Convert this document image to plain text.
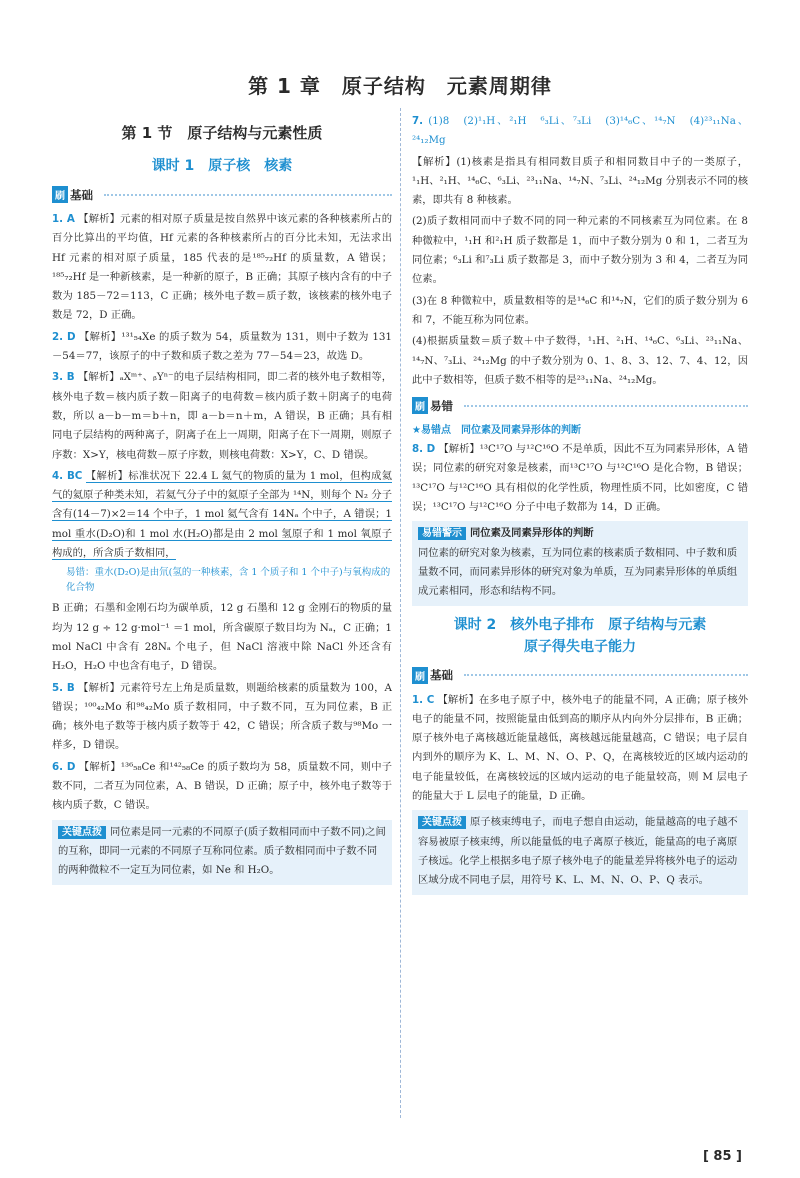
第 1 章　原子结构　元素周期律
第 1 节　原子结构与元素性质
课时 1　原子核　核素
刷 基础
1. A 【解析】元素的相对原子质量是按自然界中该元素的各种核素所占的百分比算出的平均值，Hf 元素的各种核素所占的百分比未知，无法求出 Hf 元素的相对原子质量，185 代表的是¹⁸⁵₇₂Hf 的质量数，A 错误；¹⁸⁵₇₂Hf 是一种新核素，是一种新的原子，B 正确；其原子核内含有的中子数为 185－72＝113，C 正确；核外电子数＝质子数，该核素的核外电子数是 72，D 正确。
2. D 【解析】¹³¹₅₄Xe 的质子数为 54，质量数为 131，则中子数为 131－54＝77，该原子的中子数和质子数之差为 77－54＝23，故选 D。
3. B 【解析】ₐXᵐ⁺、ᵦYⁿ⁻的电子层结构相同，即二者的核外电子数相等，核外电子数＝核内质子数－阳离子的电荷数＝核内质子数＋阴离子的电荷数，所以 a－b－m＝b＋n，即 a－b＝n＋m，A 错误，B 正确；具有相同电子层结构的两种离子，阴离子在上一周期，阳离子在下一周期，则原子序数：X>Y，核电荷数－原子序数，则核电荷数：X>Y，C、D 错误。
4. BC 【解析】标准状况下 22.4 L 氦气的物质的量为 1 mol，但构成氦气的氦原子种类未知，若氦气分子中的氦原子全部为 ¹⁴N，则每个 N₂ 分子含有(14－7)×2＝14 个中子，1 mol 氦气含有 14Nₐ 个中子，A 错误；1 mol 重水(D₂O)和 1 mol 水(H₂O)都是由 2 mol 氢原子和 1 mol 氧原子构成的，所含质子数相同，
易错：重水(D₂O)是由氘(氢的一种核素，含 1 个质子和 1 个中子)与氧构成的化合物
B 正确；石墨和金刚石均为碳单质，12 g 石墨和 12 g 金刚石的物质的量均为 12 g ÷ 12 g·mol⁻¹ ＝1 mol，所含碳原子数目均为 Nₐ，C 正确；1 mol NaCl 中含有 28Nₐ 个电子，但 NaCl 溶液中除 NaCl 外还含有 H₂O，H₂O 中也含有电子，D 错误。
5. B 【解析】元素符号左上角是质量数，则题给核素的质量数为 100，A 错误；¹⁰⁰₄₂Mo 和⁹⁸₄₂Mo 质子数相同，中子数不同，互为同位素，B 正确；核外电子数等于核内质子数等于 42，C 错误；所含质子数与⁹⁸Mo 一样多，D 错误。
6. D 【解析】¹³⁶₅₈Ce 和¹⁴²₅₈Ce 的质子数均为 58，质量数不同，则中子数不同，二者互为同位素，A、B 错误，D 正确；原子中，核外电子数等于核内质子数，C 错误。
关键点拨 同位素是同一元素的不同原子(质子数相同而中子数不同)之间的互称，即同一元素的不同原子互称同位素。质子数相同而中子数不同的两种微粒不一定互为同位素，如 Ne 和 H₂O。
7. (1)8　(2)¹₁H、²₁H　⁶₃Li、⁷₃Li　(3)¹⁴₆C、¹⁴₇N　(4)²³₁₁Na、²⁴₁₂Mg
【解析】(1)核素是指具有相同数目质子和相同数目中子的一类原子，¹₁H、²₁H、¹⁴₆C、⁶₃Li、²³₁₁Na、¹⁴₇N、⁷₃Li、²⁴₁₂Mg 分别表示不同的核素，即共有 8 种核素。
(2)质子数相同而中子数不同的同一种元素的不同核素互为同位素。在 8 种微粒中，¹₁H 和²₁H 质子数都是 1，而中子数分别为 0 和 1，二者互为同位素；⁶₃Li 和⁷₃Li 质子数都是 3，而中子数分别为 3 和 4，二者互为同位素。
(3)在 8 种微粒中，质量数相等的是¹⁴₆C 和¹⁴₇N，它们的质子数分别为 6 和 7，不能互称为同位素。
(4)根据质量数＝质子数＋中子数得，¹₁H、²₁H、¹⁴₆C、⁶₃Li、²³₁₁Na、¹⁴₇N、⁷₃Li、²⁴₁₂Mg 的中子数分别为 0、1、8、3、12、7、4、12，因此中子数相等，但质子数不相等的是²³₁₁Na、²⁴₁₂Mg。
刷 易错
★易错点　同位素及同素异形体的判断
8. D 【解析】¹³C¹⁷O 与¹²C¹⁶O 不是单质，因此不互为同素异形体，A 错误；同位素的研究对象是核素，而¹³C¹⁷O 与¹²C¹⁶O 是化合物，B 错误；¹³C¹⁷O 与¹²C¹⁶O 具有相似的化学性质，物理性质不同，比如密度，C 错误；¹³C¹⁷O 与¹²C¹⁶O 分子中电子数都为 14，D 正确。
易错警示 同位素及同素异形体的判断
同位素的研究对象为核素，互为同位素的核素质子数相同、中子数和质量数不同，而同素异形体的研究对象为单质，互为同素异形体的单质组成元素相同，形态和结构不同。
课时 2　核外电子排布　原子结构与元素
原子得失电子能力
刷 基础
1. C 【解析】在多电子原子中，核外电子的能量不同，A 正确；原子核外电子的能量不同，按照能量由低到高的顺序从内向外分层排布，B 正确；原子核外电子离核越近能量越低，离核越远能量越高，C 错误；电子层自内到外的顺序为 K、L、M、N、O、P、Q，在离核较近的区域内运动的电子能量较低，在离核较远的区域内运动的电子能量较高，则 M 层电子的能量大于 L 层电子的能量，D 正确。
关键点拨 原子核束缚电子，而电子想自由运动，能量越高的电子越不容易被原子核束缚，所以能量低的电子离原子核近，能量高的电子离原子核远。化学上根据多电子原子核外电子的能量差异将核外电子的运动区域分成不同电子层，用符号 K、L、M、N、O、P、Q 表示。
[ 85 ]
